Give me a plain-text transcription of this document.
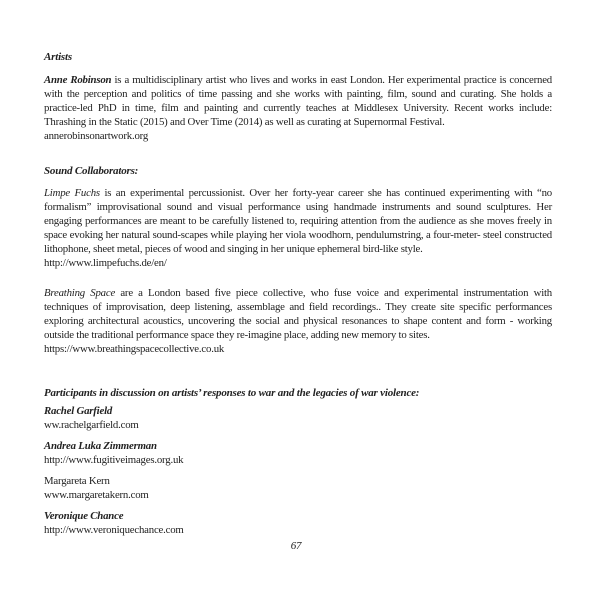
Artists

Anne Robinson is a multidisciplinary artist who lives and works in east London. Her experimental practice is concerned with the perception and politics of time passing and she works with painting, film, sound and curating. She holds a practice-led PhD in time, film and painting and currently teaches at Middlesex University. Recent works include: Thrashing in the Static (2015) and Over Time (2014) as well as curating at Supernormal Festival.

annerobinsonartwork.org
Sound Collaborators:

Limpe Fuchs is an experimental percussionist. Over her forty-year career she has continued experimenting with “no formalism” improvisational sound and visual performance using handmade instruments and sound sculptures. Her engaging performances are meant to be carefully listened to, requiring attention from the audience as she moves freely in space evoking her natural sound-scapes while playing her viola woodhorn, pendulumstring, a four-meter- steel constructed lithophone, sheet metal, pieces of wood and singing in her unique ephemeral bird-like style.

http://www.limpefuchs.de/en/

Breathing Space are a London based five piece collective, who fuse voice and experimental instrumentation with techniques of improvisation, deep listening, assemblage and field recordings.. They create site specific performances exploring architectural acoustics, uncovering the social and physical resonances to shape content and form - working outside the traditional performance space they re-imagine place, adding new memory to sites.

https://www.breathingspacecollective.co.uk
Participants in discussion on artists’ responses to war and the legacies of war violence:
Rachel Garfield
ww.rachelgarfield.com
Andrea Luka Zimmerman
http://www.fugitiveimages.org.uk
Margareta Kern
www.margaretakern.com
Veronique Chance
http://www.veroniquechance.com
67
